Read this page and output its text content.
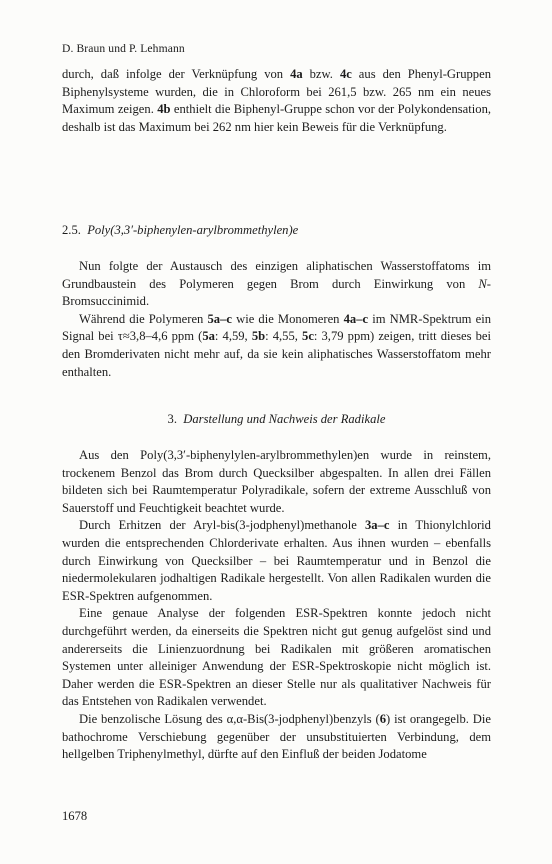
D. Braun und P. Lehmann

durch, daß infolge der Verknüpfung von 4a bzw. 4c aus den Phenyl-Gruppen Biphenylsysteme wurden, die in Chloroform bei 261,5 bzw. 265 nm ein neues Maximum zeigen. 4b enthielt die Biphenyl-Gruppe schon vor der Polykondensation, deshalb ist das Maximum bei 262 nm hier kein Beweis für die Verknüpfung.

2.5. Poly(3,3′-biphenylen-arylbrommethylen)e

Nun folgte der Austausch des einzigen aliphatischen Wasserstoffatoms im Grundbaustein des Polymeren gegen Brom durch Einwirkung von N-Bromsuccinimid.

Während die Polymeren 5a–c wie die Monomeren 4a–c im NMR-Spektrum ein Signal bei τ≈3,8–4,6 ppm (5a: 4,59, 5b: 4,55, 5c: 3,79 ppm) zeigen, tritt dieses bei den Bromderivaten nicht mehr auf, da sie kein aliphatisches Wasserstoffatom mehr enthalten.

3. Darstellung und Nachweis der Radikale

Aus den Poly(3,3′-biphenylylen-arylbrommethylen)en wurde in reinstem, trockenem Benzol das Brom durch Quecksilber abgespalten. In allen drei Fällen bildeten sich bei Raumtemperatur Polyradikale, sofern der extreme Ausschluß von Sauerstoff und Feuchtigkeit beachtet wurde.

Durch Erhitzen der Aryl-bis(3-jodphenyl)methanole 3a–c in Thionylchlorid wurden die entsprechenden Chlorderivate erhalten. Aus ihnen wurden – ebenfalls durch Einwirkung von Quecksilber – bei Raumtemperatur und in Benzol die niedermolekularen jodhaltigen Radikale hergestellt. Von allen Radikalen wurden die ESR-Spektren aufgenommen.

Eine genaue Analyse der folgenden ESR-Spektren konnte jedoch nicht durchgeführt werden, da einerseits die Spektren nicht gut genug aufgelöst sind und andererseits die Linienzuordnung bei Radikalen mit größeren aromatischen Systemen unter alleiniger Anwendung der ESR-Spektroskopie nicht möglich ist. Daher werden die ESR-Spektren an dieser Stelle nur als qualitativer Nachweis für das Entstehen von Radikalen verwendet.

Die benzolische Lösung des α,α-Bis(3-jodphenyl)benzyls (6) ist orangegelb. Die bathochrome Verschiebung gegenüber der unsubstituierten Verbindung, dem hellgelben Triphenylmethyl, dürfte auf den Einfluß der beiden Jodatome

1678
